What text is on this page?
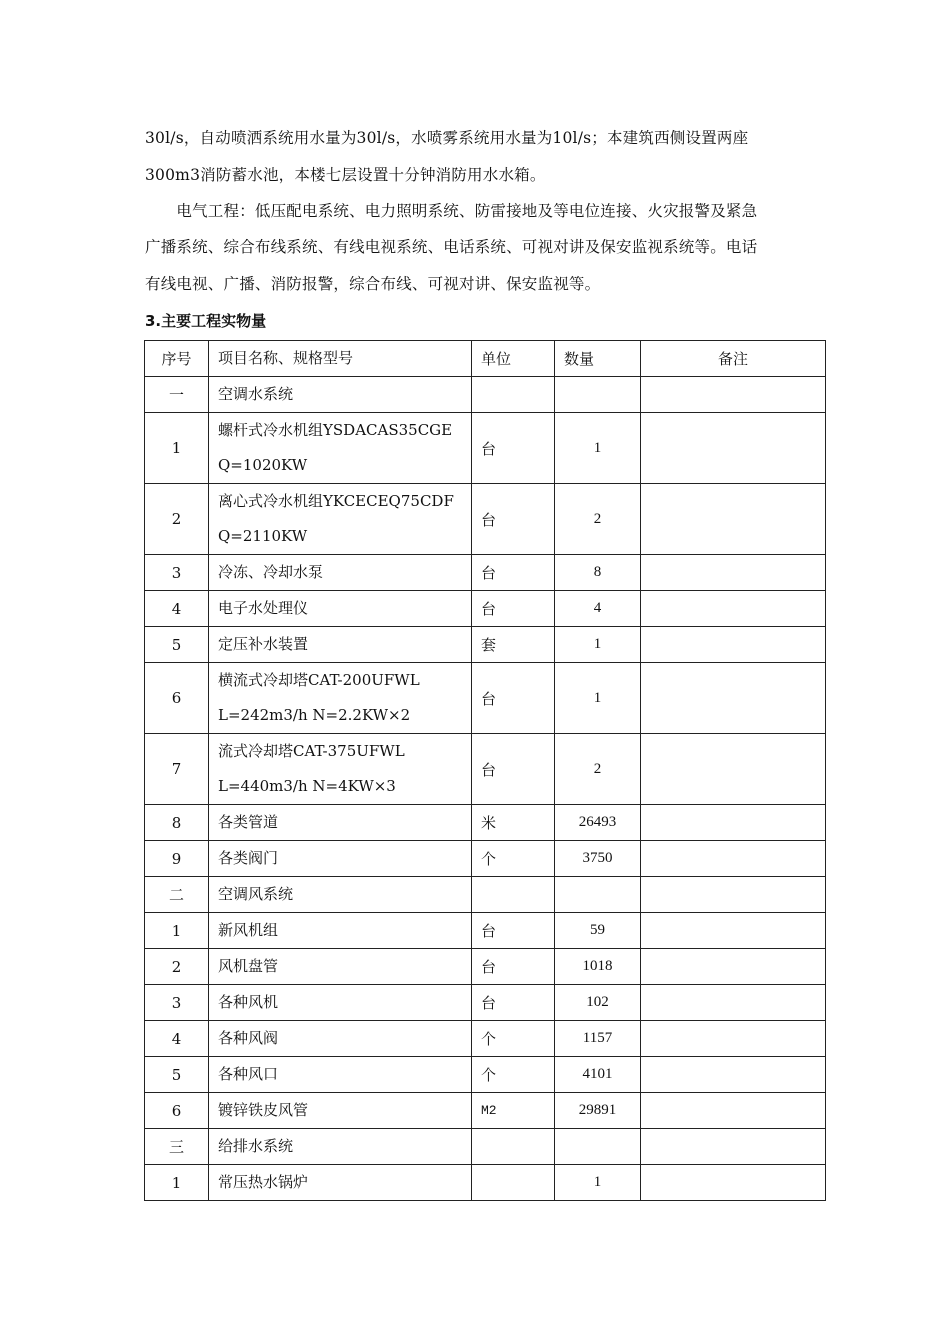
30l/s，自动喷洒系统用水量为30l/s，水喷雾系统用水量为10l/s；本建筑西侧设置两座
300m3消防蓄水池，本楼七层设置十分钟消防用水水箱。
　　电气工程：低压配电系统、电力照明系统、防雷接地及等电位连接、火灾报警及紧急
广播系统、综合布线系统、有线电视系统、电话系统、可视对讲及保安监视系统等。电话
有线电视、广播、消防报警，综合布线、可视对讲、保安监视等。
3.主要工程实物量
序号	项目名称、规格型号	单位	数量	备注
一	空调水系统			

1	螺杆式冷水机组YSDACAS35CGE
Q=1020KW	台	1	
2	离心式冷水机组YKCECEQ75CDF
Q=2110KW	台	2	
3	冷冻、冷却水泵	台	8	
4	电子水处理仪	台	4	
5	定压补水装置	套	1	
6	横流式冷却塔CAT-200UFWL
L=242m3/h N=2.2KW×2	台	1	
7	流式冷却塔CAT-375UFWL
L=440m3/h N=4KW×3	台	2	
8	各类管道	米	26493	
9	各类阀门	个	3750	
二	空调风系统			

1	新风机组	台	59	
2	风机盘管	台	1018	
3	各种风机	台	102	
4	各种风阀	个	1157	
5	各种风口	个	4101	
6	镀锌铁皮风管	M2	29891	
三	给排水系统			

1	常压热水锅炉		1	
